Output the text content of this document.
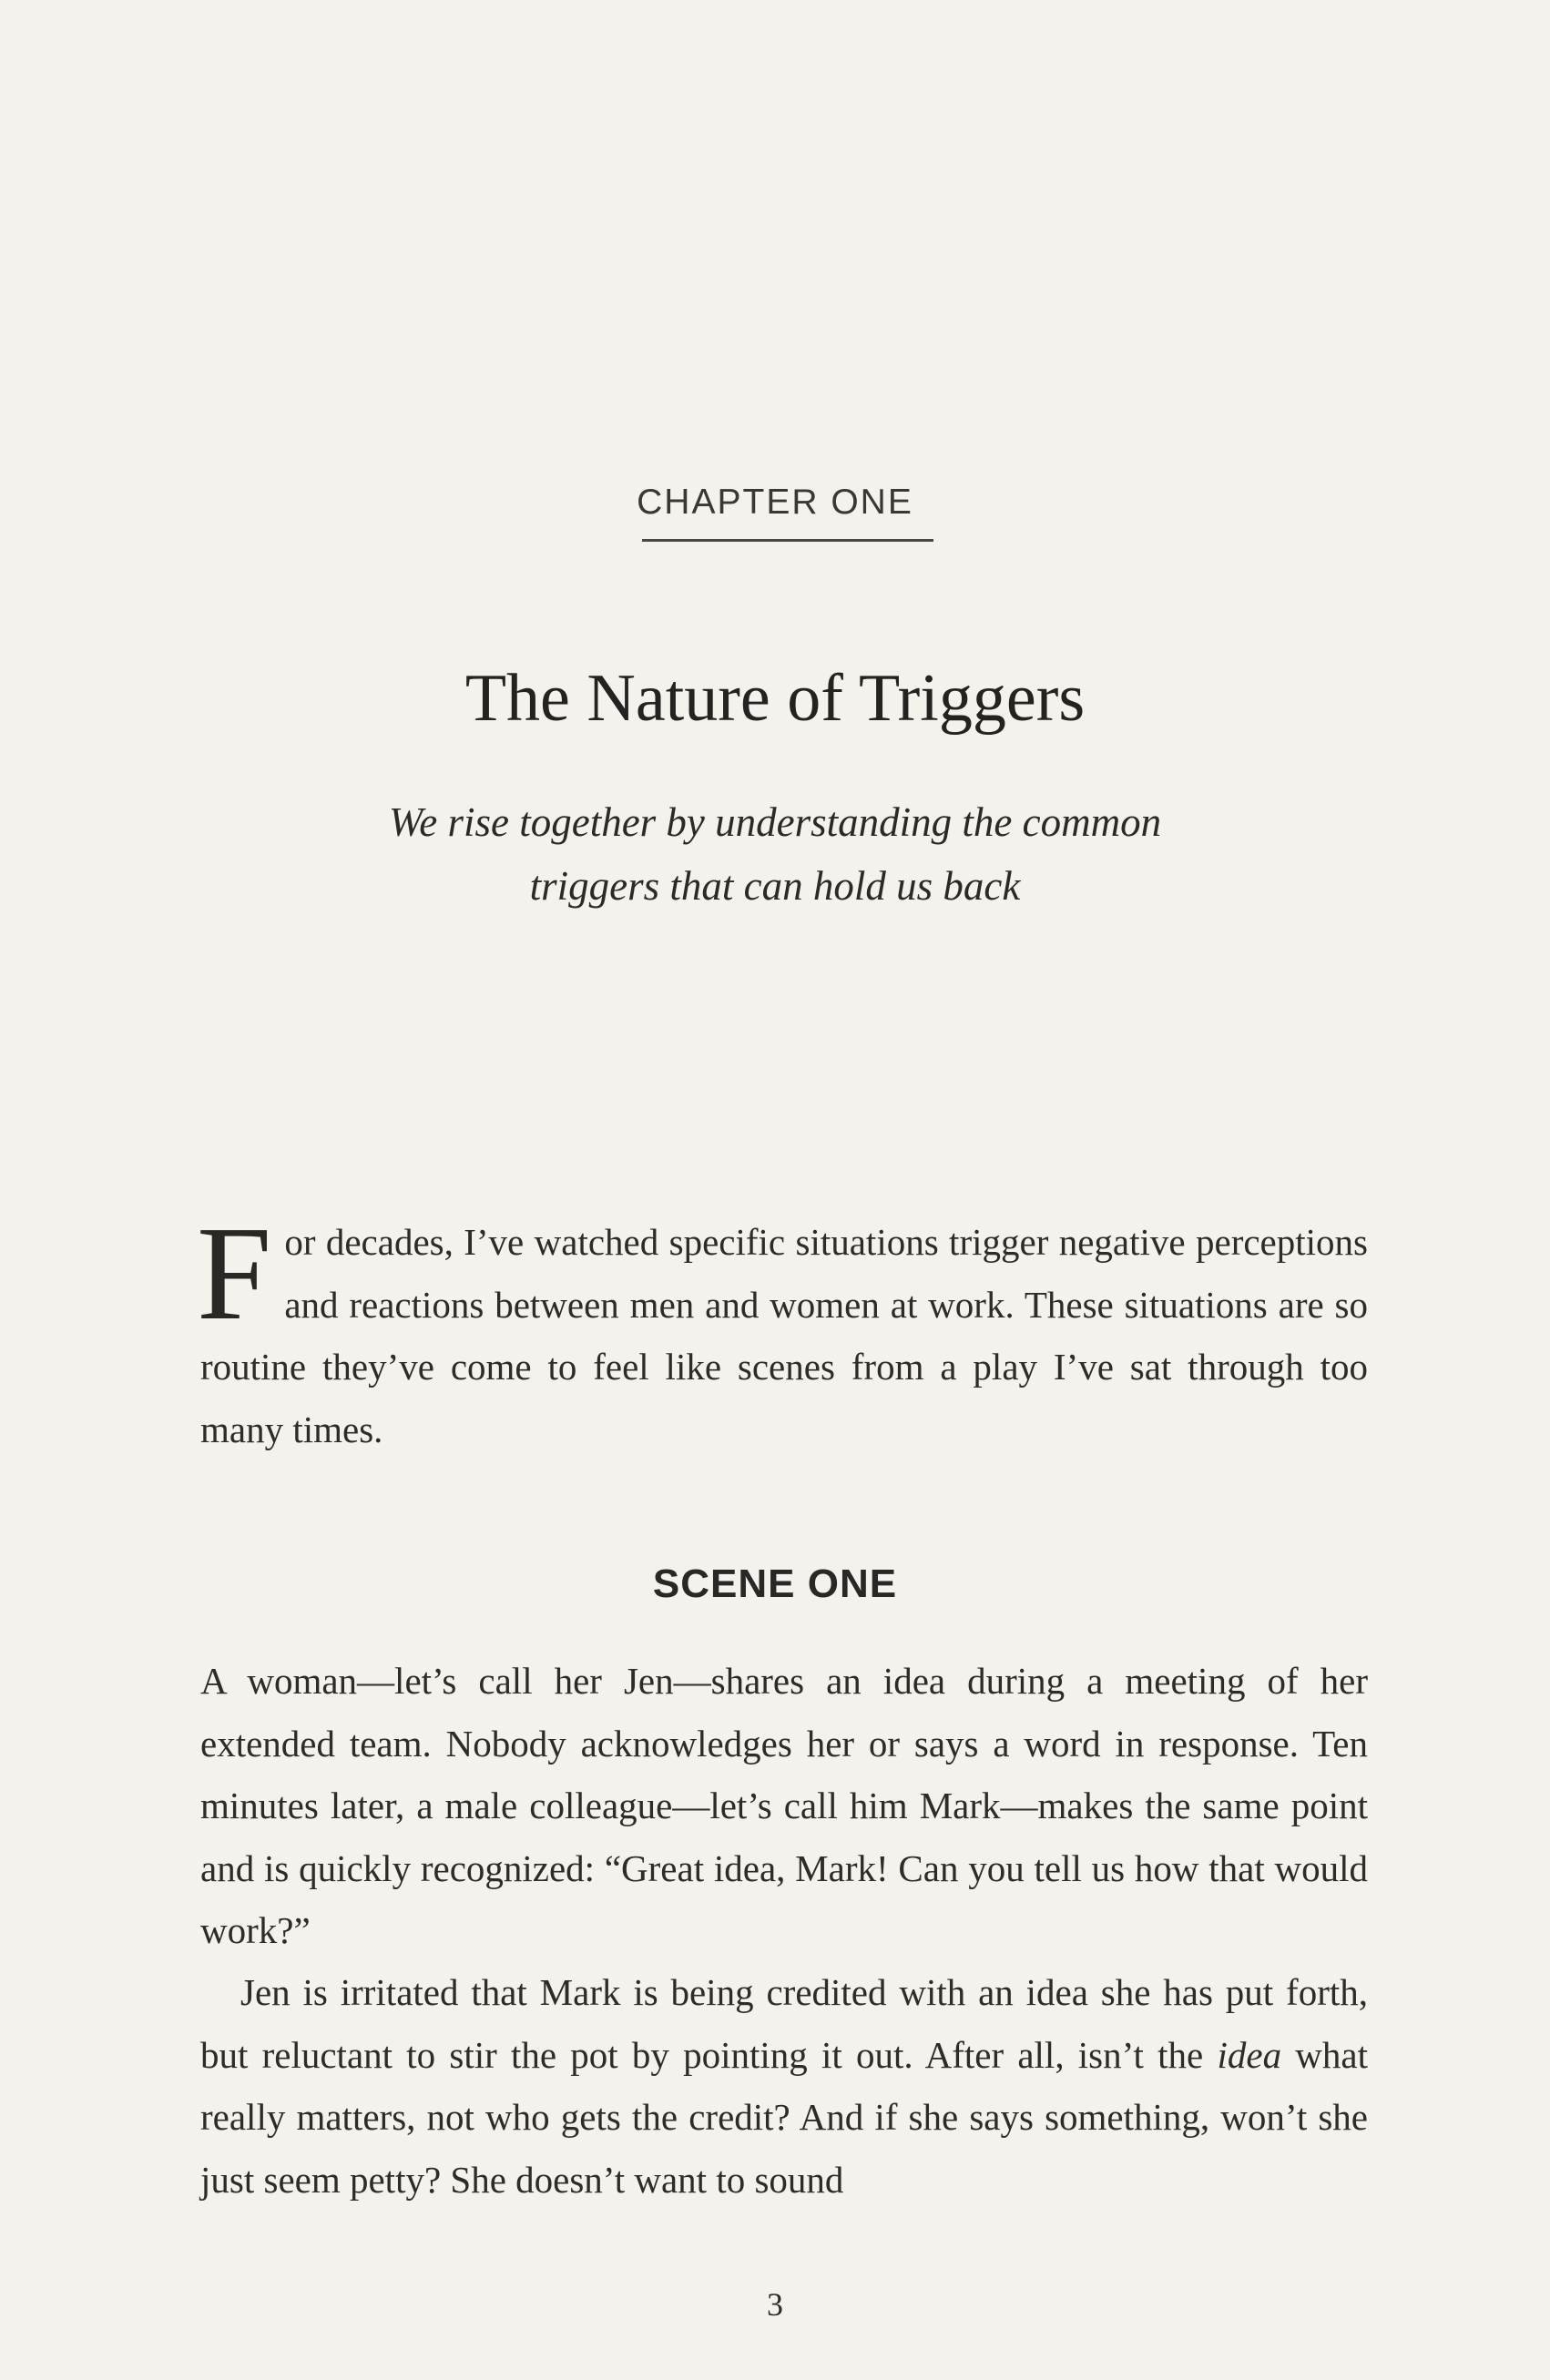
CHAPTER ONE
The Nature of Triggers
We rise together by understanding the common
triggers that can hold us back

For decades, I’ve watched specific situations trigger negative perceptions and reactions between men and women at work. These situations are so routine they’ve come to feel like scenes from a play I’ve sat through too many times.

SCENE ONE

A woman—let’s call her Jen—shares an idea during a meeting of her extended team. Nobody acknowledges her or says a word in response. Ten minutes later, a male colleague—let’s call him Mark—makes the same point and is quickly recognized: “Great idea, Mark! Can you tell us how that would work?”

Jen is irritated that Mark is being credited with an idea she has put forth, but reluctant to stir the pot by pointing it out. After all, isn’t the idea what really matters, not who gets the credit? And if she says something, won’t she just seem petty? She doesn’t want to sound

3
